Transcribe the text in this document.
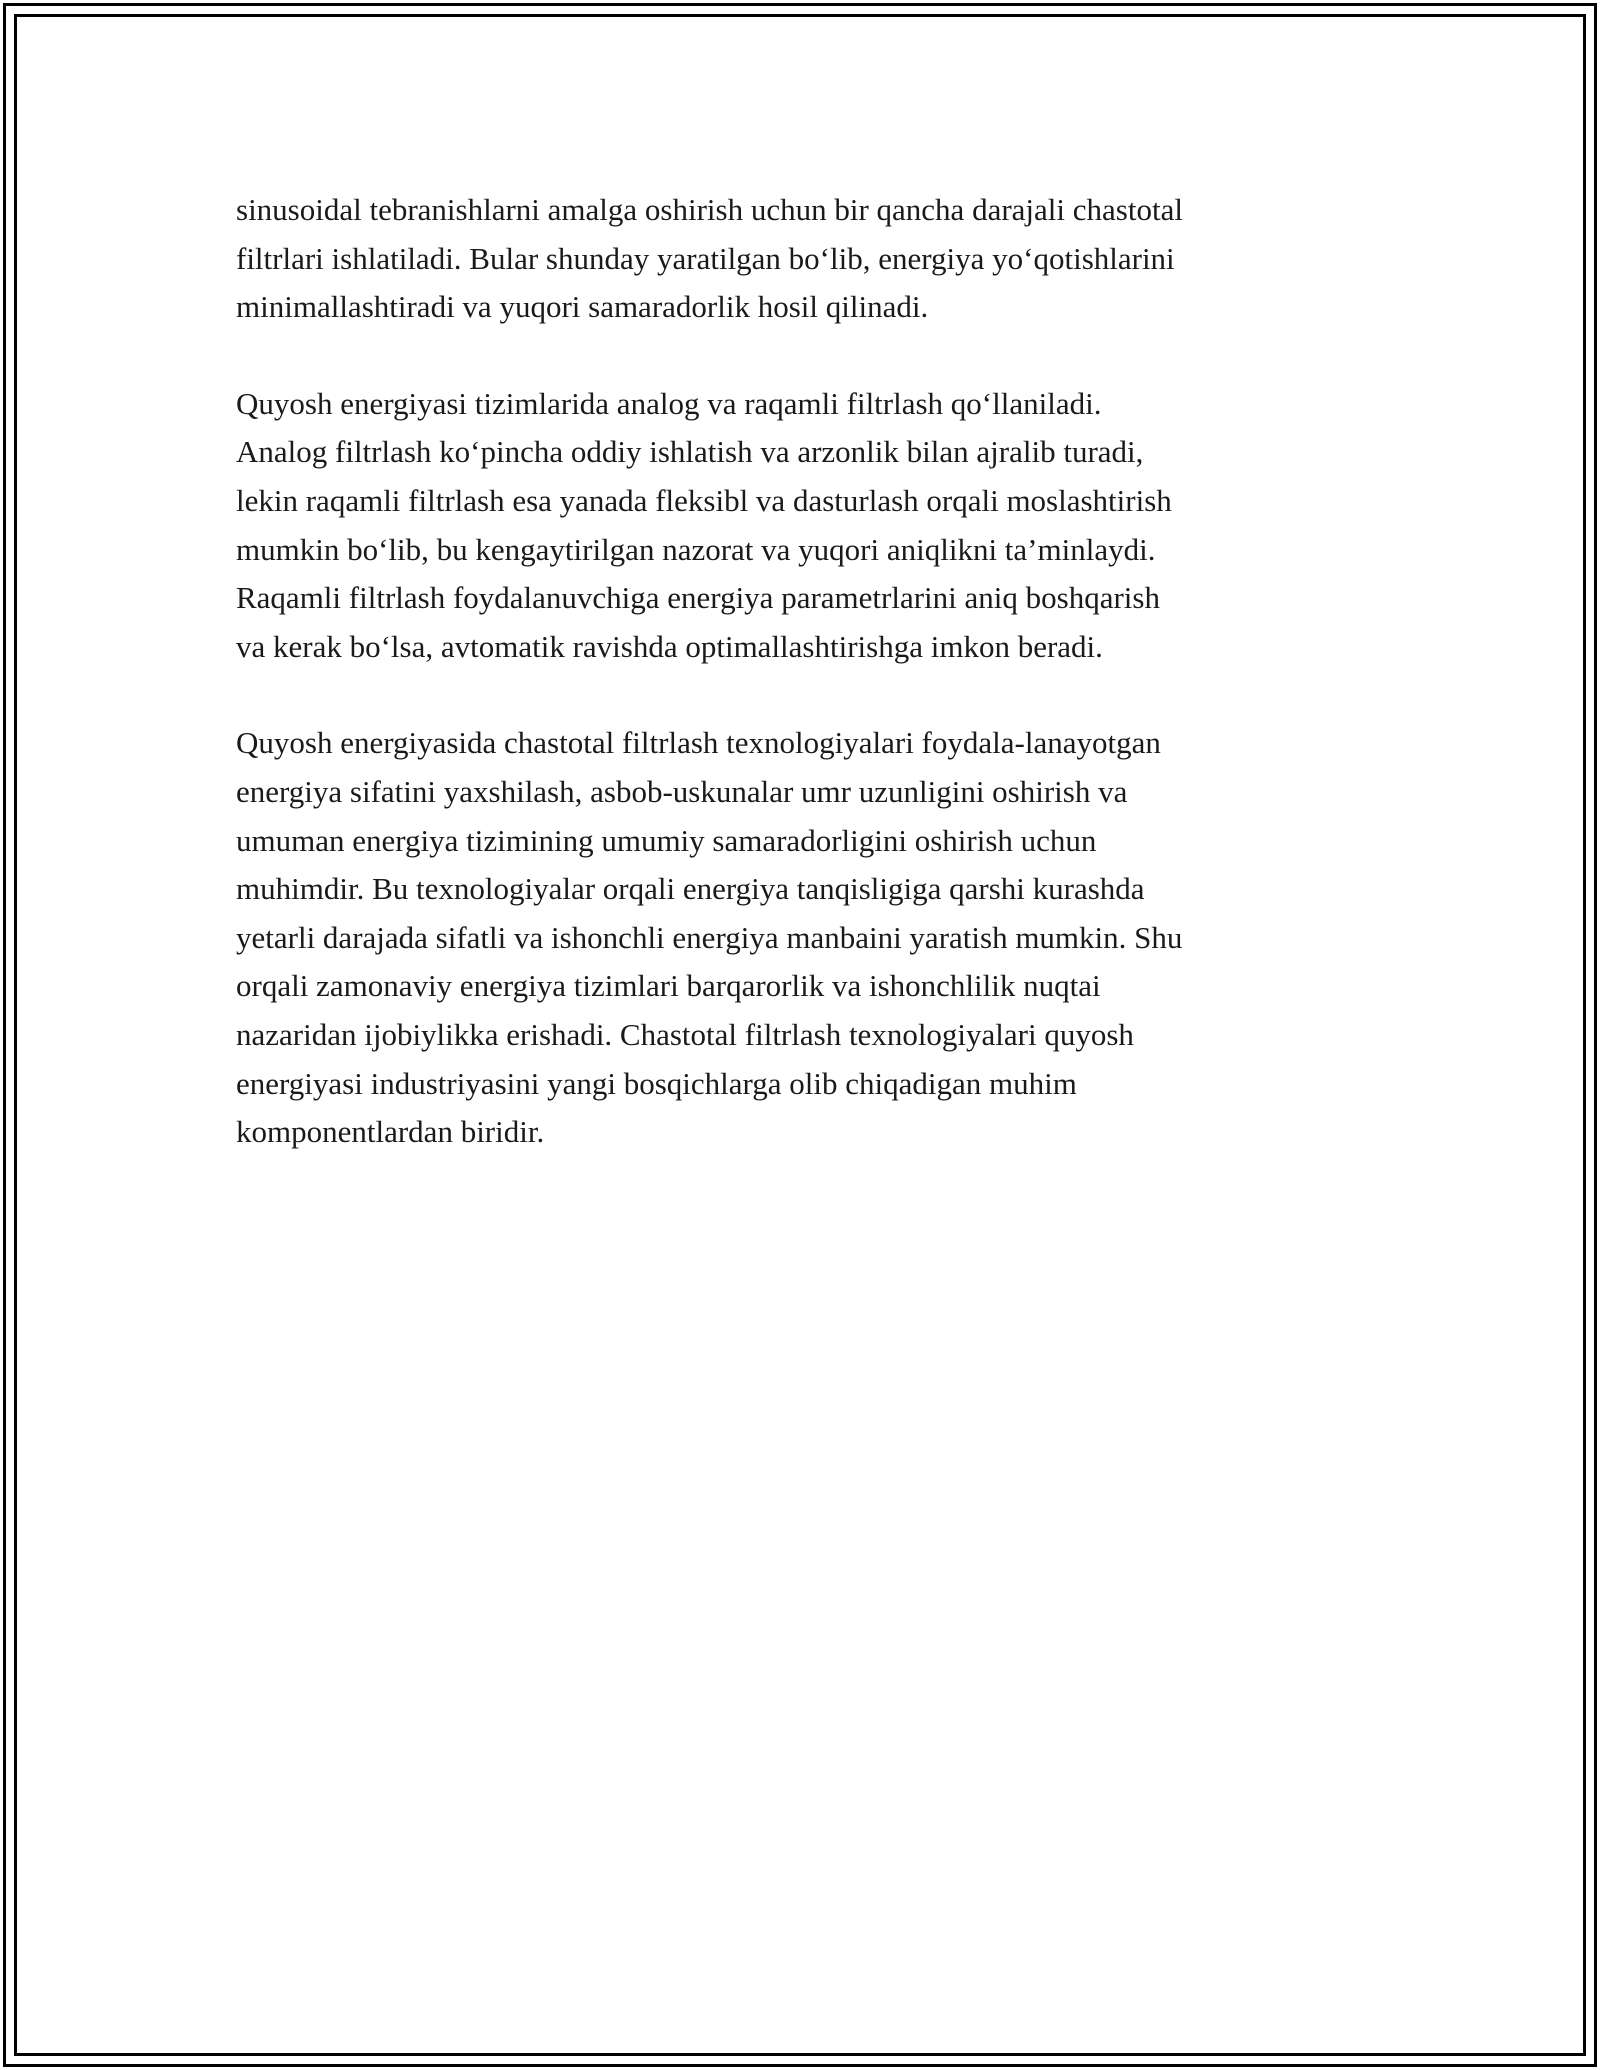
sinusoidal tebranishlarni amalga oshirish uchun bir qancha darajali chastotal
filtrlari ishlatiladi. Bular shunday yaratilgan bo‘lib, energiya yo‘qotishlarini
minimallashtiradi va yuqori samaradorlik hosil qilinadi.

Quyosh energiyasi tizimlarida analog va raqamli filtrlash qo‘llaniladi.
Analog filtrlash ko‘pincha oddiy ishlatish va arzonlik bilan ajralib turadi,
lekin raqamli filtrlash esa yanada fleksibl va dasturlash orqali moslashtirish
mumkin bo‘lib, bu kengaytirilgan nazorat va yuqori aniqlikni ta’minlaydi.
Raqamli filtrlash foydalanuvchiga energiya parametrlarini aniq boshqarish
va kerak bo‘lsa, avtomatik ravishda optimallashtirishga imkon beradi.

Quyosh energiyasida chastotal filtrlash texnologiyalari foydala-lanayotgan
energiya sifatini yaxshilash, asbob-uskunalar umr uzunligini oshirish va
umuman energiya tizimining umumiy samaradorligini oshirish uchun
muhimdir. Bu texnologiyalar orqali energiya tanqisligiga qarshi kurashda
yetarli darajada sifatli va ishonchli energiya manbaini yaratish mumkin. Shu
orqali zamonaviy energiya tizimlari barqarorlik va ishonchlilik nuqtai
nazaridan ijobiylikka erishadi. Chastotal filtrlash texnologiyalari quyosh
energiyasi industriyasini yangi bosqichlarga olib chiqadigan muhim
komponentlardan biridir.
